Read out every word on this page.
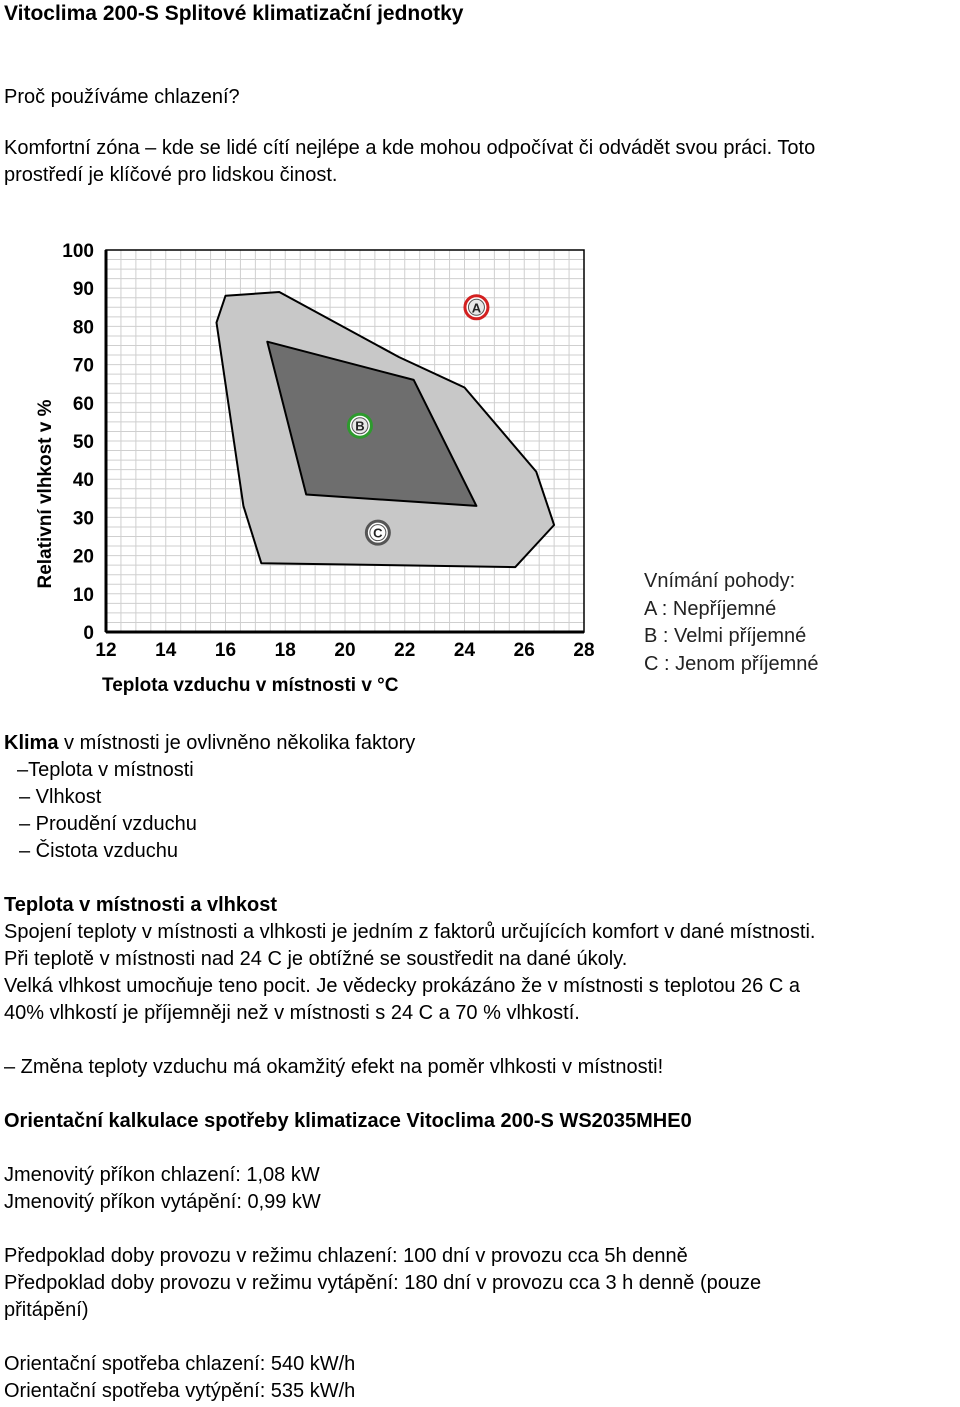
Vitoclima 200-S Splitové klimatizační jednotky
Proč používáme chlazení?
Komfortní zóna – kde se lidé cítí nejlépe a kde mohou odpočívat či odvádět svou práci. Toto
prostředí je klíčové pro lidskou činost.
0
10
20
30
40
50
60
70
80
90
100
12 14 16 18 20 22 24 26 28
A
B
C
Relativní vlhkost v %
Teplota vzduchu v místnosti v °C
Vnímání pohody:
A : Nepříjemné
B : Velmi příjemné
C : Jenom příjemné
Klima v místnosti je ovlivněno několika faktory
–Teplota v místnosti
– Vlhkost
– Proudění vzduchu
– Čistota vzduchu
Teplota v místnosti a vlhkost
Spojení teploty v místnosti a vlhkosti je jedním z faktorů určujících komfort v dané místnosti.
Při teplotě v místnosti nad 24 C je obtížné se soustředit na dané úkoly.
Velká vlhkost umocňuje teno pocit. Je vědecky prokázáno že v místnosti s teplotou 26 C a
40% vlhkostí je příjemněji než v místnosti s 24 C a 70 % vlhkostí.
– Změna teploty vzduchu má okamžitý efekt na poměr vlhkosti v místnosti!
Orientační kalkulace spotřeby klimatizace Vitoclima 200-S WS2035MHE0
Jmenovitý příkon chlazení: 1,08 kW
Jmenovitý příkon vytápění: 0,99 kW
Předpoklad doby provozu v režimu chlazení: 100 dní v provozu cca 5h denně
Předpoklad doby provozu v režimu vytápění: 180 dní v provozu cca 3 h denně (pouze
přitápění)
Orientační spotřeba chlazení: 540 kW/h
Orientační spotřeba vytýpění: 535 kW/h
